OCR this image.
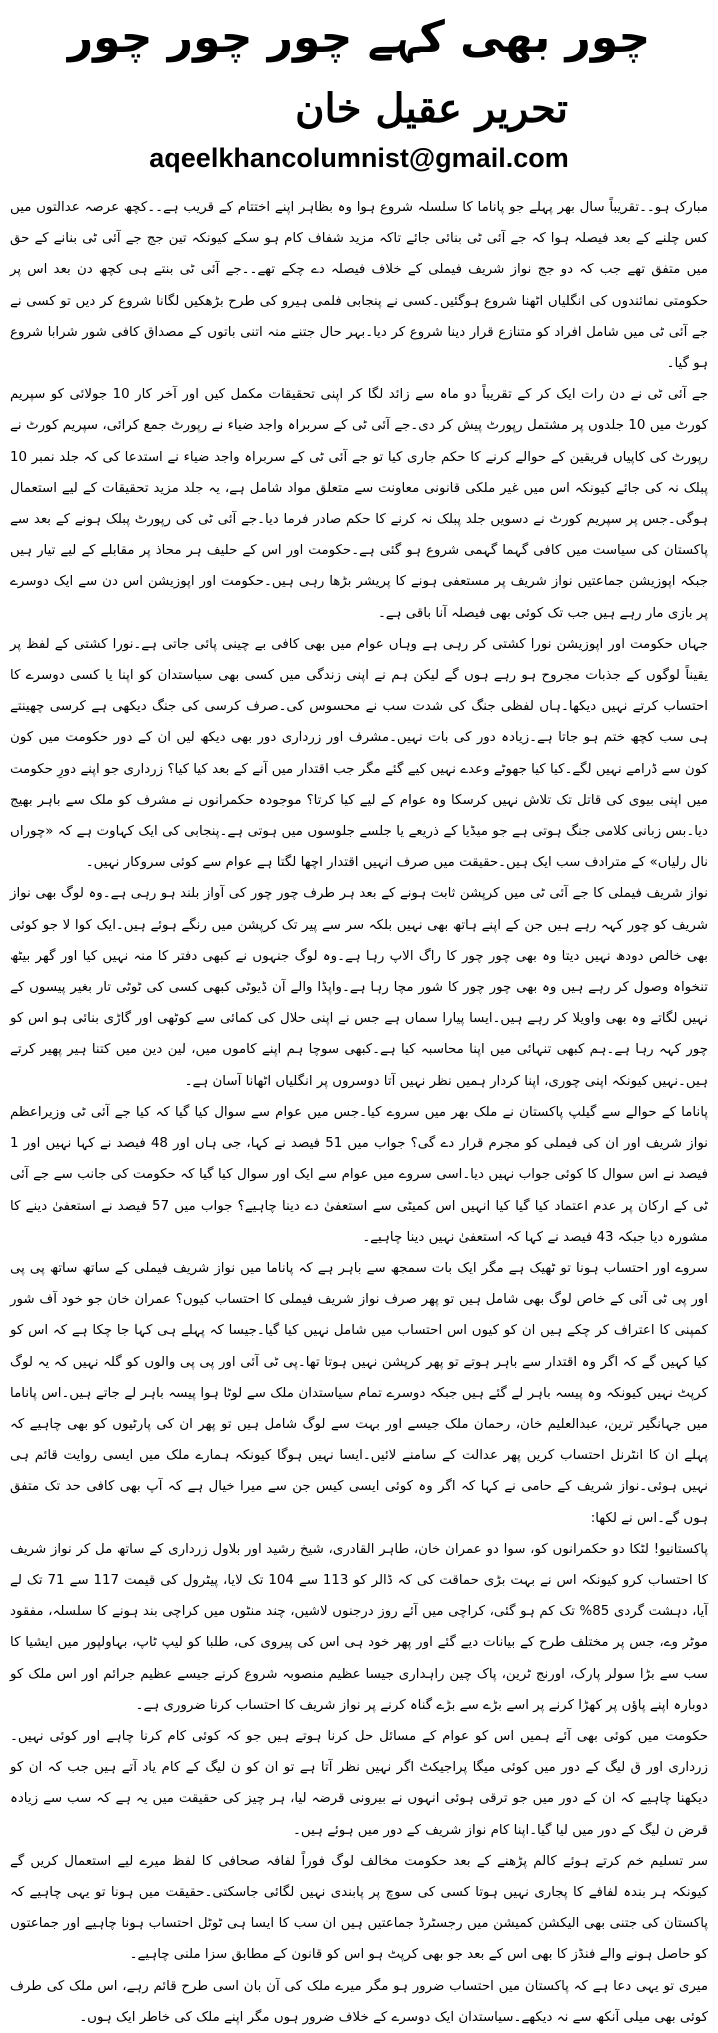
چور بھی کہے چور چور چور
تحریر عقیل خان
aqeelkhancolumnist@gmail.com

مبارک ہو۔۔تقریباً سال بھر پہلے جو پاناما کا سلسلہ شروع ہوا وہ بظاہر اپنے اختتام کے قریب ہے۔۔کچھ عرصہ عدالتوں میں کس چلنے کے بعد فیصلہ ہوا کہ جے آئی ٹی بنائی جائے تاکہ مزید شفاف کام ہو سکے کیونکہ تین جج جے آئی ٹی بنانے کے حق میں متفق تھے جب کہ دو جج نواز شریف فیملی کے خلاف فیصلہ دے چکے تھے۔۔جے آئی ٹی بنتے ہی کچھ دن بعد اس پر حکومتی نمائندوں کی انگلیاں اٹھنا شروع ہوگئیں۔کسی نے پنجابی فلمی ہیرو کی طرح بڑھکیں لگانا شروع کر دیں تو کسی نے جے آئی ٹی میں شامل افراد کو متنازع قرار دینا شروع کر دیا۔بہر حال جتنے منہ اتنی باتوں کے مصداق کافی شور شرابا شروع ہو گیا۔

جے آئی ٹی نے دن رات ایک کر کے تقریباً دو ماہ سے زائد لگا کر اپنی تحقیقات مکمل کیں اور آخر کار 10 جولائی کو سپریم کورٹ میں 10 جلدوں پر مشتمل رپورٹ پیش کر دی۔جے آئی ٹی کے سربراہ واجد ضیاء نے رپورٹ جمع کرائی، سپریم کورٹ نے رپورٹ کی کاپیاں فریقین کے حوالے کرنے کا حکم جاری کیا تو جے آئی ٹی کے سربراہ واجد ضیاء نے استدعا کی کہ جلد نمبر 10 پبلک نہ کی جائے کیونکہ اس میں غیر ملکی قانونی معاونت سے متعلق مواد شامل ہے، یہ جلد مزید تحقیقات کے لیے استعمال ہوگی۔جس پر سپریم کورٹ نے دسویں جلد پبلک نہ کرنے کا حکم صادر فرما دیا۔جے آئی ٹی کی رپورٹ پبلک ہونے کے بعد سے پاکستان کی سیاست میں کافی گہما گہمی شروع ہو گئی ہے۔حکومت اور اس کے حلیف ہر محاذ پر مقابلے کے لیے تیار ہیں جبکہ اپوزیشن جماعتیں نواز شریف پر مستعفی ہونے کا پریشر بڑھا رہی ہیں۔حکومت اور اپوزیشن اس دن سے ایک دوسرے پر بازی مار رہے ہیں جب تک کوئی بھی فیصلہ آنا باقی ہے۔

جہاں حکومت اور اپوزیشن نورا کشتی کر رہی ہے وہاں عوام میں بھی کافی بے چینی پائی جاتی ہے۔نورا کشتی کے لفظ پر یقیناً لوگوں کے جذبات مجروح ہو رہے ہوں گے لیکن ہم نے اپنی زندگی میں کسی بھی سیاستدان کو اپنا یا کسی دوسرے کا احتساب کرتے نہیں دیکھا۔ہاں لفظی جنگ کی شدت سب نے محسوس کی۔صرف کرسی کی جنگ دیکھی ہے کرسی چھینتے ہی سب کچھ ختم ہو جاتا ہے۔زیادہ دور کی بات نہیں۔مشرف اور زرداری دور بھی دیکھ لیں ان کے دور حکومت میں کون کون سے ڈرامے نہیں لگے۔کیا کیا جھوٹے وعدے نہیں کیے گئے مگر جب اقتدار میں آنے کے بعد کیا کیا؟ زرداری جو اپنے دورِ حکومت میں اپنی بیوی کی قاتل تک تلاش نہیں کرسکا وہ عوام کے لیے کیا کرتا؟ موجودہ حکمرانوں نے مشرف کو ملک سے باہر بھیج دیا۔بس زبانی کلامی جنگ ہوتی ہے جو میڈیا کے ذریعے یا جلسے جلوسوں میں ہوتی ہے۔پنجابی کی ایک کہاوت ہے کہ «چوراں نال رلیاں» کے مترادف سب ایک ہیں۔حقیقت میں صرف انہیں اقتدار اچھا لگتا ہے عوام سے کوئی سروکار نہیں۔

نواز شریف فیملی کا جے آئی ٹی میں کرپشن ثابت ہونے کے بعد ہر طرف چور چور کی آواز بلند ہو رہی ہے۔وہ لوگ بھی نواز شریف کو چور کہہ رہے ہیں جن کے اپنے ہاتھ بھی نہیں بلکہ سر سے پیر تک کرپشن میں رنگے ہوئے ہیں۔ایک کوا لا جو کوئی بھی خالص دودھ نہیں دیتا وہ بھی چور چور کا راگ الاپ رہا ہے۔وہ لوگ جنہوں نے کبھی دفتر کا منہ نہیں کیا اور گھر بیٹھ تنخواہ وصول کر رہے ہیں وہ بھی چور چور کا شور مچا رہا ہے۔واپڈا والے آن ڈیوٹی کبھی کسی کی ٹوٹی تار بغیر پیسوں کے نہیں لگاتے وہ بھی واویلا کر رہے ہیں۔ایسا پیارا سماں ہے جس نے اپنی حلال کی کمائی سے کوٹھی اور گاڑی بنائی ہو اس کو چور کہہ رہا ہے۔ہم کبھی تنہائی میں اپنا محاسبہ کیا ہے۔کبھی سوچا ہم اپنے کاموں میں، لین دین میں کتنا ہیر پھیر کرتے ہیں۔نہیں کیونکہ اپنی چوری، اپنا کردار ہمیں نظر نہیں آتا دوسروں پر انگلیاں اٹھانا آسان ہے۔

پاناما کے حوالے سے گیلپ پاکستان نے ملک بھر میں سروے کیا۔جس میں عوام سے سوال کیا گیا کہ کیا جے آئی ٹی وزیراعظم نواز شریف اور ان کی فیملی کو مجرم قرار دے گی؟ جواب میں 51 فیصد نے کہا، جی ہاں اور 48 فیصد نے کہا نہیں اور 1 فیصد نے اس سوال کا کوئی جواب نہیں دیا۔اسی سروے میں عوام سے ایک اور سوال کیا گیا کہ حکومت کی جانب سے جے آئی ٹی کے ارکان پر عدم اعتماد کیا گیا کیا انہیں اس کمیٹی سے استعفیٰ دے دینا چاہیے؟ جواب میں 57 فیصد نے استعفیٰ دینے کا مشورہ دیا جبکہ 43 فیصد نے کہا کہ استعفیٰ نہیں دینا چاہیے۔

سروے اور احتساب ہونا تو ٹھیک ہے مگر ایک بات سمجھ سے باہر ہے کہ پاناما میں نواز شریف فیملی کے ساتھ ساتھ پی پی اور پی ٹی آئی کے خاص لوگ بھی شامل ہیں تو پھر صرف نواز شریف فیملی کا احتساب کیوں؟ عمران خان جو خود آف شور کمپنی کا اعتراف کر چکے ہیں ان کو کیوں اس احتساب میں شامل نہیں کیا گیا۔جیسا کہ پہلے ہی کہا جا چکا ہے کہ اس کو کیا کہیں گے کہ اگر وہ اقتدار سے باہر ہوتے تو پھر کرپشن نہیں ہوتا تھا۔پی ٹی آئی اور پی پی والوں کو گلہ نہیں کہ یہ لوگ کرپٹ نہیں کیونکہ وہ پیسہ باہر لے گئے ہیں جبکہ دوسرے تمام سیاستدان ملک سے لوٹا ہوا پیسہ باہر لے جاتے ہیں۔اس پاناما میں جہانگیر ترین، عبدالعلیم خان، رحمان ملک جیسے اور بہت سے لوگ شامل ہیں تو پھر ان کی پارٹیوں کو بھی چاہیے کہ پہلے ان کا انٹرنل احتساب کریں پھر عدالت کے سامنے لائیں۔ایسا نہیں ہوگا کیونکہ ہمارے ملک میں ایسی روایت قائم ہی نہیں ہوئی۔نواز شریف کے حامی نے کہا کہ اگر وہ کوئی ایسی کیس جن سے میرا خیال ہے کہ آپ بھی کافی حد تک متفق ہوں گے۔اس نے لکھا:

پاکستانیو! لٹکا دو حکمرانوں کو، سوا دو عمران خان، طاہر القادری، شیخ رشید اور بلاول زرداری کے ساتھ مل کر نواز شریف کا احتساب کرو کیونکہ اس نے بہت بڑی حماقت کی کہ ڈالر کو 113 سے 104 تک لایا، پیٹرول کی قیمت 117 سے 71 تک لے آیا، دہشت گردی 85% تک کم ہو گئی، کراچی میں آئے روز درجنوں لاشیں، چند منٹوں میں کراچی بند ہونے کا سلسلہ، مفقود موٹر وے، جس پر مختلف طرح کے بیانات دیے گئے اور پھر خود ہی اس کی پیروی کی، طلبا کو لیپ ٹاپ، بہاولپور میں ایشیا کا سب سے بڑا سولر پارک، اورنج ٹرین، پاک چین راہداری جیسا عظیم منصوبہ شروع کرنے جیسے عظیم جرائم اور اس ملک کو دوبارہ اپنے پاؤں پر کھڑا کرنے پر اسے بڑے سے بڑے گناہ کرنے پر نواز شریف کا احتساب کرنا ضروری ہے۔

حکومت میں کوئی بھی آئے ہمیں اس کو عوام کے مسائل حل کرنا ہوتے ہیں جو کہ کوئی کام کرنا چاہے اور کوئی نہیں۔زرداری اور ق لیگ کے دور میں کوئی میگا پراجیکٹ اگر نہیں نظر آتا ہے تو ان کو ن لیگ کے کام یاد آتے ہیں جب کہ ان کو دیکھنا چاہیے کہ ان کے دور میں جو ترقی ہوئی انہوں نے بیرونی قرضہ لیا، ہر چیز کی حقیقت میں یہ ہے کہ سب سے زیادہ قرض ن لیگ کے دور میں لیا گیا۔اپنا کام نواز شریف کے دور میں ہوئے ہیں۔

سر تسلیم خم کرتے ہوئے کالم پڑھنے کے بعد حکومت مخالف لوگ فوراً لفافہ صحافی کا لفظ میرے لیے استعمال کریں گے کیونکہ ہر بندہ لفافے کا پجاری نہیں ہوتا کسی کی سوچ پر پابندی نہیں لگائی جاسکتی۔حقیقت میں ہونا تو یہی چاہیے کہ پاکستان کی جتنی بھی الیکشن کمیشن میں رجسٹرڈ جماعتیں ہیں ان سب کا ایسا ہی ٹوٹل احتساب ہونا چاہیے اور جماعتوں کو حاصل ہونے والے فنڈز کا بھی اس کے بعد جو بھی کرپٹ ہو اس کو قانون کے مطابق سزا ملنی چاہیے۔

میری تو یہی دعا ہے کہ پاکستان میں احتساب ضرور ہو مگر میرے ملک کی آن بان اسی طرح قائم رہے، اس ملک کی طرف کوئی بھی میلی آنکھ سے نہ دیکھے۔سیاستدان ایک دوسرے کے خلاف ضرور ہوں مگر اپنے ملک کی خاطر ایک ہوں۔
